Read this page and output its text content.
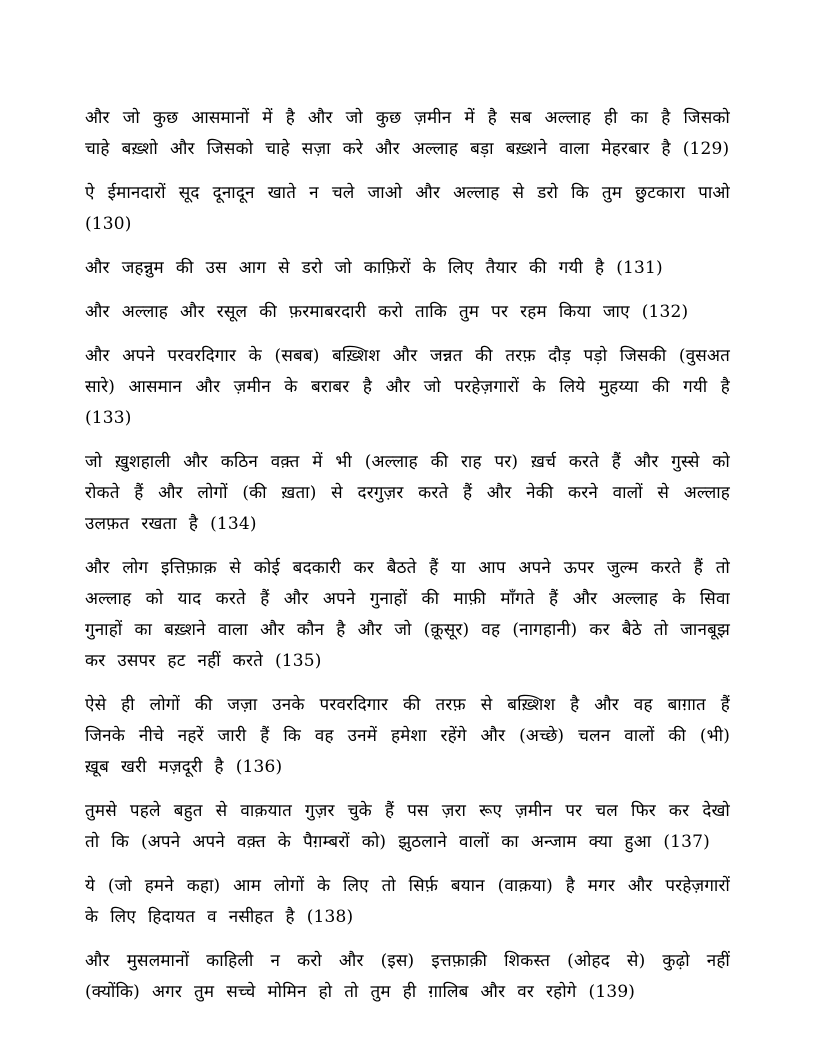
और जो कुछ आसमानों में है और जो कुछ ज़मीन में है सब अल्लाह ही का है जिसको चाहे बख़्शो और जिसको चाहे सज़ा करे और अल्लाह बड़ा बख़्शने वाला मेहरबार है (129)

ऐ ईमानदारों सूद दूनादून खाते न चले जाओ और अल्लाह से डरो कि तुम छुटकारा पाओ (130)

और जहन्नुम की उस आग से डरो जो काफ़िरों के लिए तैयार की गयी है (131)

और अल्लाह और रसूल की फ़रमाबरदारी करो ताकि तुम पर रहम किया जाए (132)

और अपने परवरदिगार के (सबब) बख़्शिश और जन्नत की तरफ़ दौड़ पड़ो जिसकी (वुसअत सारे) आसमान और ज़मीन के बराबर है और जो परहेज़गारों के लिये मुहय्या की गयी है (133)

जो ख़ुशहाली और कठिन वक़्त में भी (अल्लाह की राह पर) ख़र्च करते हैं और गुस्से को रोकते हैं और लोगों (की ख़ता) से दरगुज़र करते हैं और नेकी करने वालों से अल्लाह उलफ़त रखता है (134)

और लोग इत्तिफ़ाक़ से कोई बदकारी कर बैठते हैं या आप अपने ऊपर जुल्म करते हैं तो अल्लाह को याद करते हैं और अपने गुनाहों की माफ़ी माँगते हैं और अल्लाह के सिवा गुनाहों का बख़्शने वाला और कौन है और जो (क़ूसूर) वह (नागहानी) कर बैठे तो जानबूझ कर उसपर हट नहीं करते (135)

ऐसे ही लोगों की जज़ा उनके परवरदिगार की तरफ़ से बख़्शिश है और वह बाग़ात हैं जिनके नीचे नहरें जारी हैं कि वह उनमें हमेशा रहेंगे और (अच्छे) चलन वालों की (भी) ख़ूब खरी मज़दूरी है (136)

तुमसे पहले बहुत से वाक़यात गुज़र चुके हैं पस ज़रा रूए ज़मीन पर चल फिर कर देखो तो कि (अपने अपने वक़्त के पैग़म्बरों को) झुठलाने वालों का अन्जाम क्या हुआ (137)

ये (जो हमने कहा) आम लोगों के लिए तो सिर्फ़ बयान (वाक़या) है मगर और परहेज़गारों के लिए हिदायत व नसीहत है (138)

और मुसलमानों काहिली न करो और (इस) इत्तफ़ाक़ी शिकस्त (ओहद से) कुढ़ो नहीं (क्योंकि) अगर तुम सच्चे मोमिन हो तो तुम ही ग़ालिब और वर रहोगे (139)
